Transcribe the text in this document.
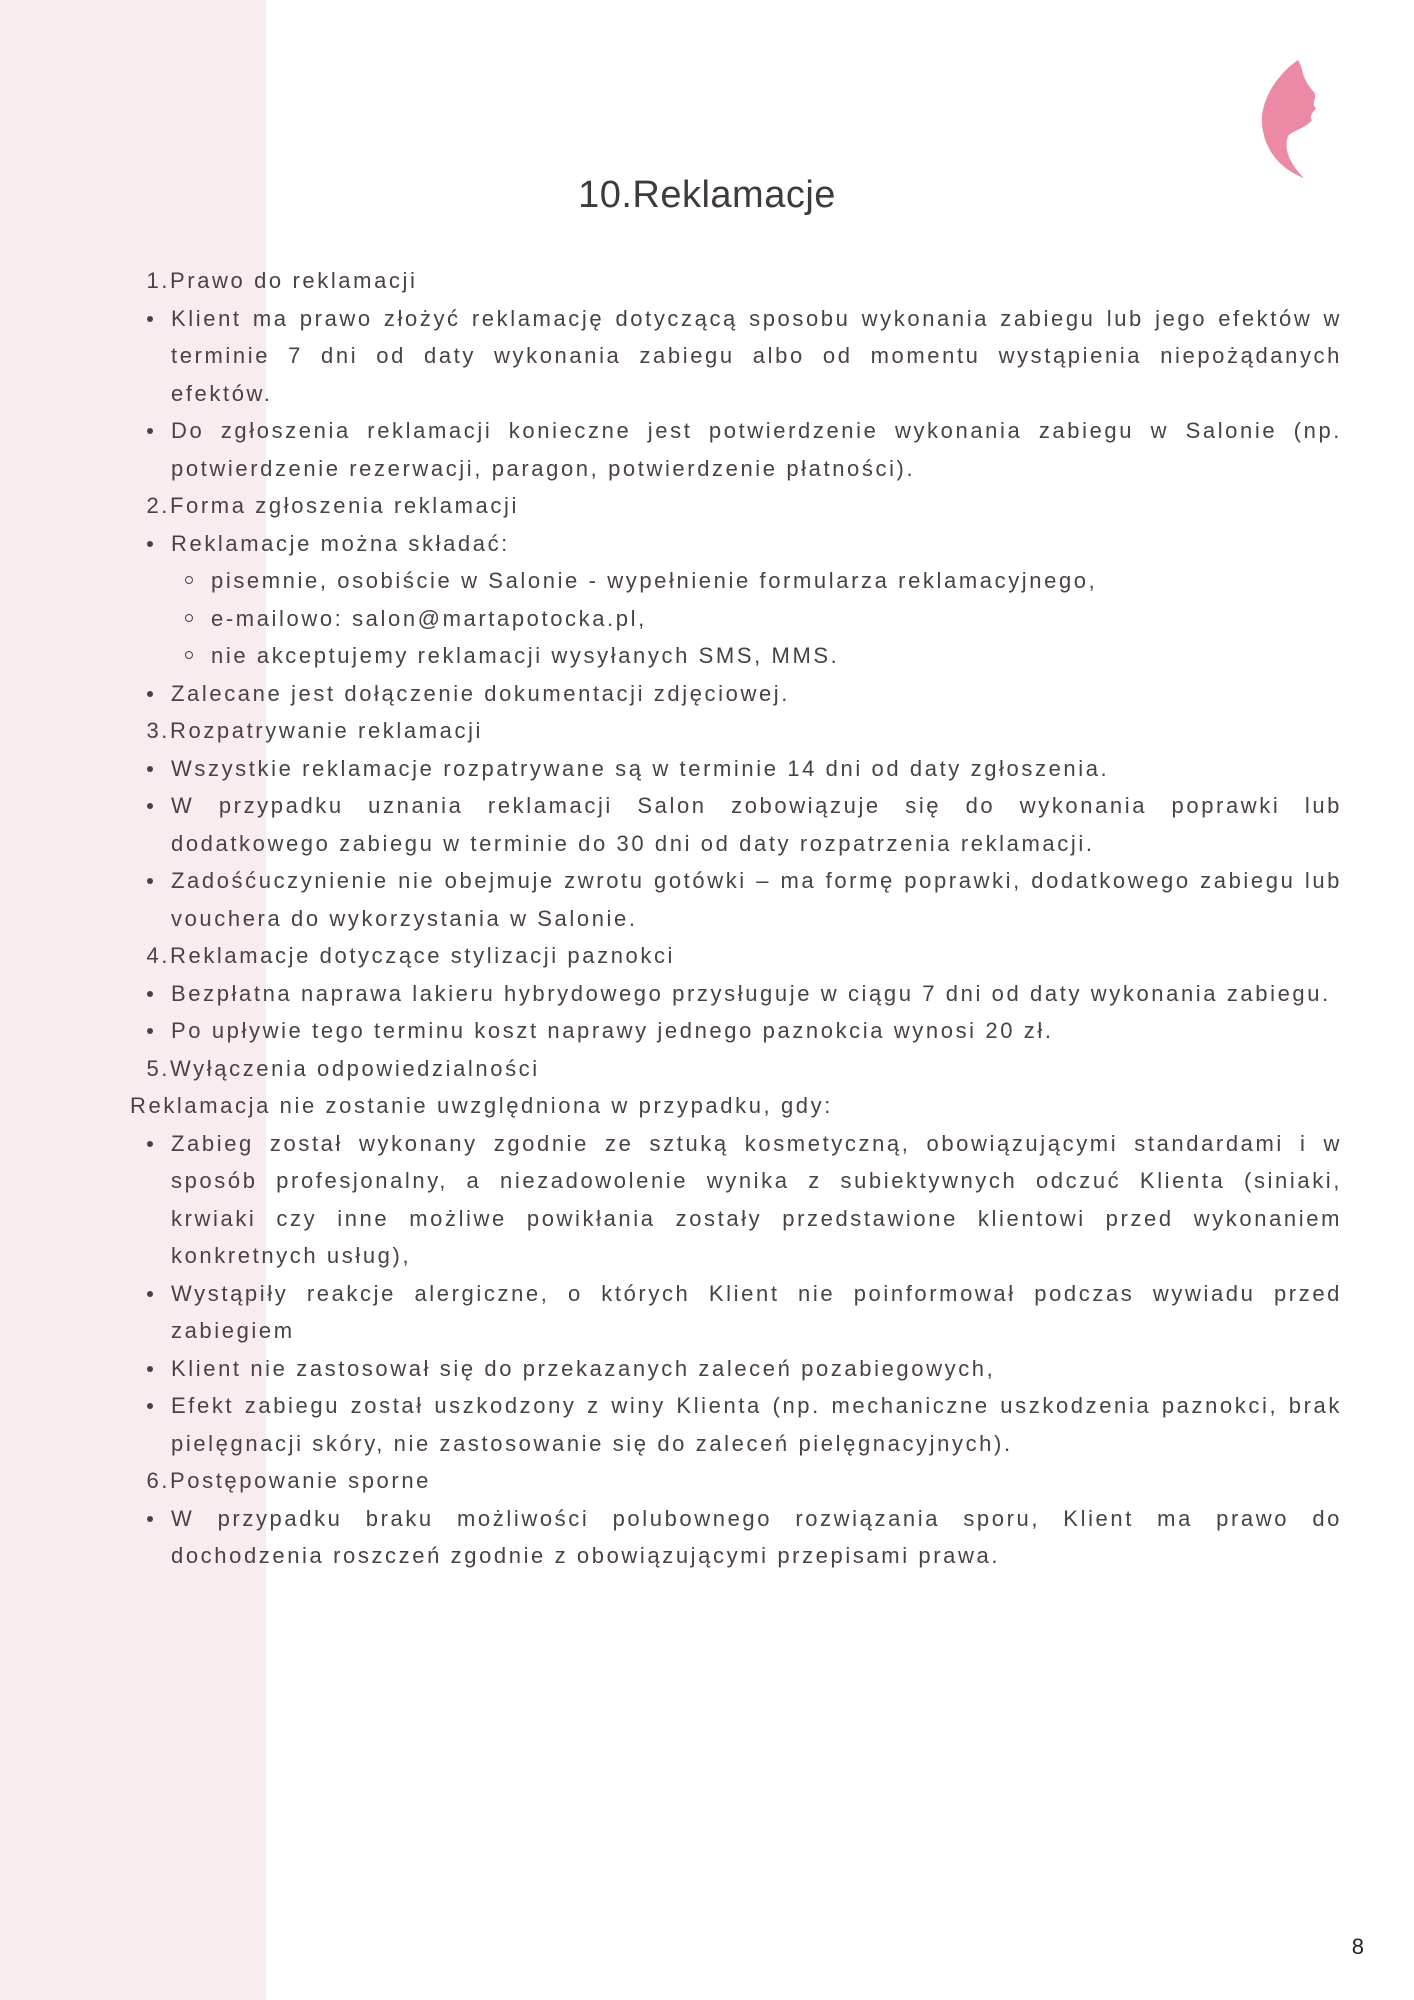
10.Reklamacje
1. Prawo do reklamacji
Klient ma prawo złożyć reklamację dotyczącą sposobu wykonania zabiegu lub jego efektów w terminie 7 dni od daty wykonania zabiegu albo od momentu wystąpienia niepożądanych efektów.
Do zgłoszenia reklamacji konieczne jest potwierdzenie wykonania zabiegu w Salonie (np. potwierdzenie rezerwacji, paragon, potwierdzenie płatności).
2. Forma zgłoszenia reklamacji
Reklamacje można składać:
pisemnie, osobiście w Salonie - wypełnienie formularza reklamacyjnego,
e-mailowo: salon@martapotocka.pl,
nie akceptujemy reklamacji wysyłanych SMS, MMS.
Zalecane jest dołączenie dokumentacji zdjęciowej.
3. Rozpatrywanie reklamacji
Wszystkie reklamacje rozpatrywane są w terminie 14 dni od daty zgłoszenia.
W przypadku uznania reklamacji Salon zobowiązuje się do wykonania poprawki lub dodatkowego zabiegu w terminie do 30 dni od daty rozpatrzenia reklamacji.
Zadośćuczynienie nie obejmuje zwrotu gotówki – ma formę poprawki, dodatkowego zabiegu lub vouchera do wykorzystania w Salonie.
4. Reklamacje dotyczące stylizacji paznokci
Bezpłatna naprawa lakieru hybrydowego przysługuje w ciągu 7 dni od daty wykonania zabiegu.
Po upływie tego terminu koszt naprawy jednego paznokcia wynosi 20 zł.
5. Wyłączenia odpowiedzialności
Reklamacja nie zostanie uwzględniona w przypadku, gdy:
Zabieg został wykonany zgodnie ze sztuką kosmetyczną, obowiązującymi standardami i w sposób profesjonalny, a niezadowolenie wynika z subiektywnych odczuć Klienta (siniaki, krwiaki czy inne możliwe powikłania zostały przedstawione klientowi przed wykonaniem konkretnych usług),
Wystąpiły reakcje alergiczne, o których Klient nie poinformował podczas wywiadu przed zabiegiem
Klient nie zastosował się do przekazanych zaleceń pozabiegowych,
Efekt zabiegu został uszkodzony z winy Klienta (np. mechaniczne uszkodzenia paznokci, brak pielęgnacji skóry, nie zastosowanie się do zaleceń pielęgnacyjnych).
6. Postępowanie sporne
W przypadku braku możliwości polubownego rozwiązania sporu, Klient ma prawo do dochodzenia roszczeń zgodnie z obowiązującymi przepisami prawa.
8
